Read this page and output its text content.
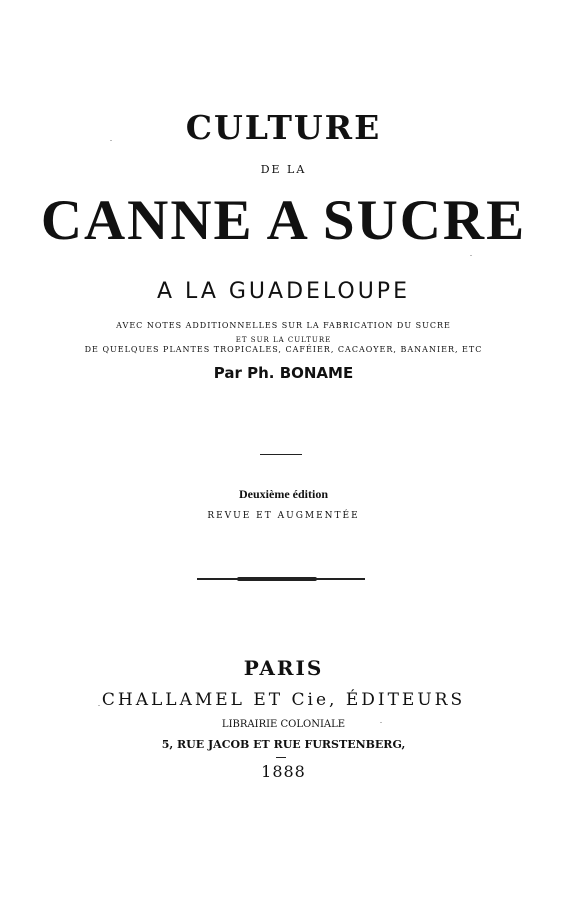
CULTURE
DE LA
CANNE A SUCRE
A LA GUADELOUPE
AVEC NOTES ADDITIONNELLES SUR LA FABRICATION DU SUCRE
ET SUR LA CULTURE
DE QUELQUES PLANTES TROPICALES, CAFÉIER, CACAOYER, BANANIER, ETC
Par Ph. BONAME
Deuxième édition
REVUE ET AUGMENTÉE
PARIS
CHALLAMEL ET Cie, ÉDITEURS
LIBRAIRIE COLONIALE
5, RUE JACOB ET RUE FURSTENBERG,
1888
